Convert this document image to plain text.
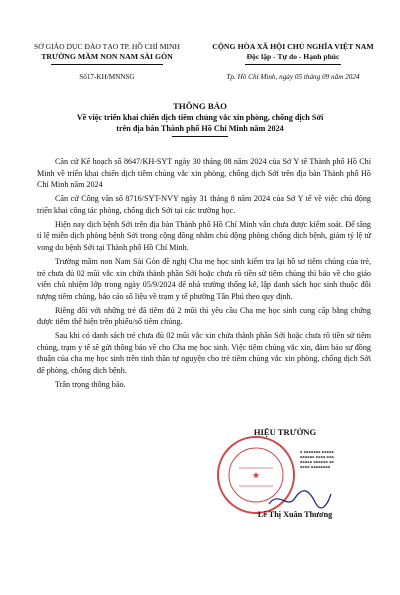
SỞ GIÁO DỤC ĐÀO TẠO TP. HỒ CHÍ MINH
TRƯỜNG MẦM NON NAM SÀI GÒN
Số17-KH/MNNSG
CỘNG HÒA XÃ HỘI CHỦ NGHĨA VIỆT NAM
Độc lập - Tự do - Hạnh phúc
Tp. Hồ Chí Minh, ngày 05 tháng 09 năm 2024
THÔNG BÁO
Về việc triển khai chiến dịch tiêm chủng vắc xin phòng, chống dịch Sởi
trên địa bàn Thành phố Hồ Chí Minh năm 2024

Căn cứ Kế hoạch số 8647/KH-SYT ngày 30 tháng 08 năm 2024 của Sở Y tế Thành phố Hồ Chí Minh về triển khai chiến dịch tiêm chủng vắc xin phòng, chống dịch Sởi trên địa bàn Thành phố Hồ Chí Minh năm 2024

Căn cứ Công văn số 8716/SYT-NVY ngày 31 tháng 8 năm 2024 của Sở Y tế về việc chủ động triển khai công tác phòng, chống dịch Sởi tại các trường học.

Hiện nay dịch bệnh Sởi trên địa bàn Thành phố Hồ Chí Minh vẫn chưa được kiểm soát. Để tăng tỉ lệ miễn dịch phòng bệnh Sởi trong cộng đồng nhằm chủ động phòng chống dịch bệnh, giảm tỷ lệ tử vong do bệnh Sởi tại Thành phố Hồ Chí Minh.

Trường mầm non Nam Sài Gòn đề nghị Cha mẹ học sinh kiểm tra lại hồ sơ tiêm chủng của trẻ, trẻ chưa đủ 02 mũi vắc xin chứa thành phần Sởi hoặc chưa rõ tiền sử tiêm chủng thì báo về cho giáo viên chủ nhiệm lớp trong ngày 05/9/2024 để nhà trường thống kê, lập danh sách học sinh thuộc đối tượng tiêm chủng, báo cáo số liệu về trạm y tế phường Tân Phú theo quy định.

Riêng đối với những trẻ đã tiêm đủ 2 mũi thì yêu cầu Cha mẹ học sinh cung cấp bằng chứng được tiêm thể hiện trên phiếu/sổ tiêm chủng.

Sau khi có danh sách trẻ chưa đủ 02 mũi vắc xin chứa thành phần Sởi hoặc chưa rõ tiền sử tiêm chủng, trạm y tế sẽ gửi thông báo về cho Cha mẹ học sinh. Việc tiêm chủng vắc xin, đảm bảo sự đồng thuận của cha mẹ học sinh trên tinh thần tự nguyện cho trẻ tiêm chủng vắc xin phòng, chống dịch Sởi để phòng, chống dịch bệnh.

Trân trọng thông báo.

★
HIỆU TRƯỞNG
▪ ▪▪▪▪▪▪▪ ▪▪▪▪▪
▪▪▪▪▪▪ ▪▪▪▪ ▪▪▪
▪▪▪▪▪ ▪▪▪▪▪▪ ▪▪
▪▪▪▪ ▪▪▪▪▪▪▪▪
Lê Thị Xuân Thương
